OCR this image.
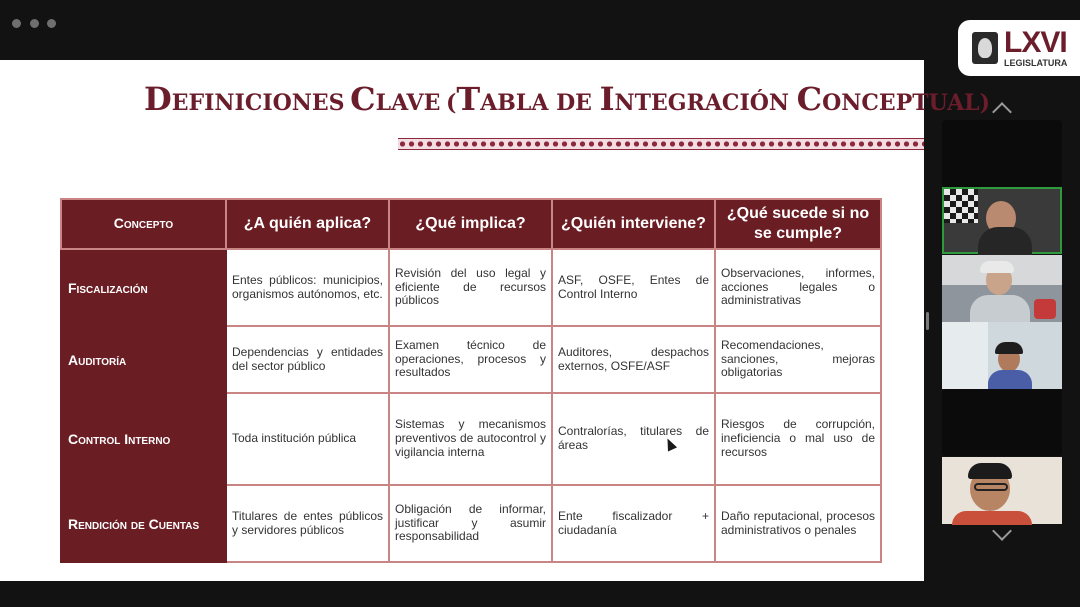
LXVI
LEGISLATURA
DEFINICIONES CLAVE (TABLA DE INTEGRACIÓN CONCEPTUAL)
Concepto	¿A quién aplica?	¿Qué implica?	¿Quién interviene?	¿Qué sucede si no se cumple?
Fiscalización	Entes públicos: municipios, organismos autónomos, etc.	Revisión del uso legal y eficiente de recursos públicos	ASF, OSFE, Entes de Control Interno	Observaciones, informes, acciones legales o administrativas
Auditoría	Dependencias y entidades del sector público	Examen técnico de operaciones, procesos y resultados	Auditores, despachos externos, OSFE/ASF	Recomendaciones, sanciones, mejoras obligatorias
Control Interno	Toda institución pública	Sistemas y mecanismos preventivos de autocontrol y vigilancia interna	Contralorías, titulares de áreas	Riesgos de corrupción, ineficiencia o mal uso de recursos
Rendición de Cuentas	Titulares de entes públicos y servidores públicos	Obligación de informar, justificar y asumir responsabilidad	Ente fiscalizador + ciudadanía	Daño reputacional, procesos administrativos o penales
